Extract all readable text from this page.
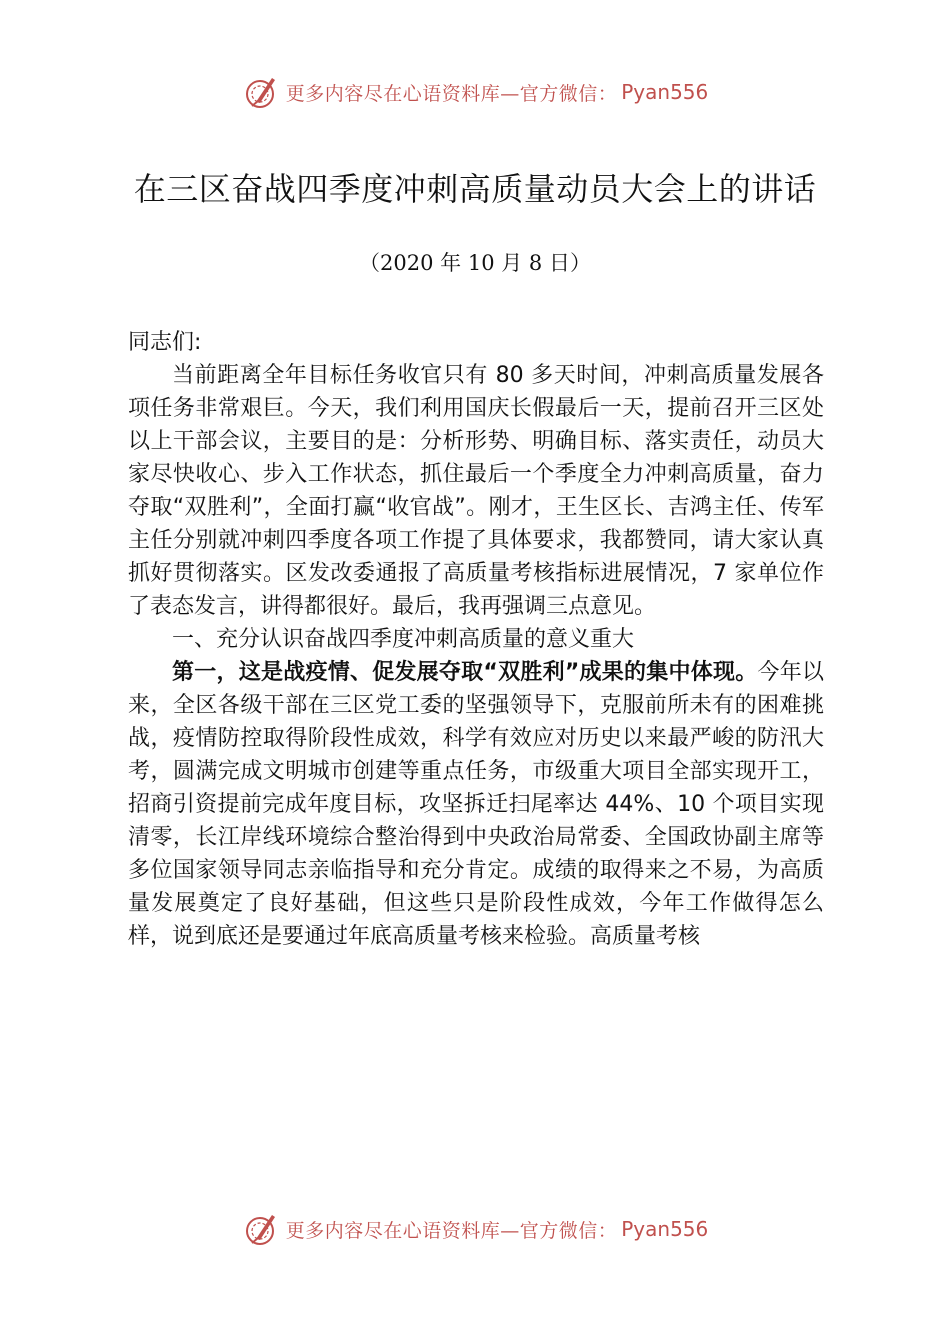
更多内容尽在心语资料库—官方微信： Pyan556
在三区奋战四季度冲刺高质量动员大会上的讲话
（2020 年 10 月 8 日）

同志们:

当前距离全年目标任务收官只有 80 多天时间，冲刺高质量发展各项任务非常艰巨。今天，我们利用国庆长假最后一天，提前召开三区处以上干部会议，主要目的是：分析形势、明确目标、落实责任，动员大家尽快收心、步入工作状态，抓住最后一个季度全力冲刺高质量，奋力夺取“双胜利”，全面打赢“收官战”。刚才，王生区长、吉鸿主任、传军主任分别就冲刺四季度各项工作提了具体要求，我都赞同，请大家认真抓好贯彻落实。区发改委通报了高质量考核指标进展情况，7 家单位作了表态发言，讲得都很好。最后，我再强调三点意见。

一、充分认识奋战四季度冲刺高质量的意义重大

第一，这是战疫情、促发展夺取“双胜利”成果的集中体现。今年以来，全区各级干部在三区党工委的坚强领导下，克服前所未有的困难挑战，疫情防控取得阶段性成效，科学有效应对历史以来最严峻的防汛大考，圆满完成文明城市创建等重点任务，市级重大项目全部实现开工，招商引资提前完成年度目标，攻坚拆迁扫尾率达 44%、10 个项目实现清零，长江岸线环境综合整治得到中央政治局常委、全国政协副主席等多位国家领导同志亲临指导和充分肯定。成绩的取得来之不易，为高质量发展奠定了良好基础，但这些只是阶段性成效，今年工作做得怎么样，说到底还是要通过年底高质量考核来检验。高质量考核

更多内容尽在心语资料库—官方微信： Pyan556
